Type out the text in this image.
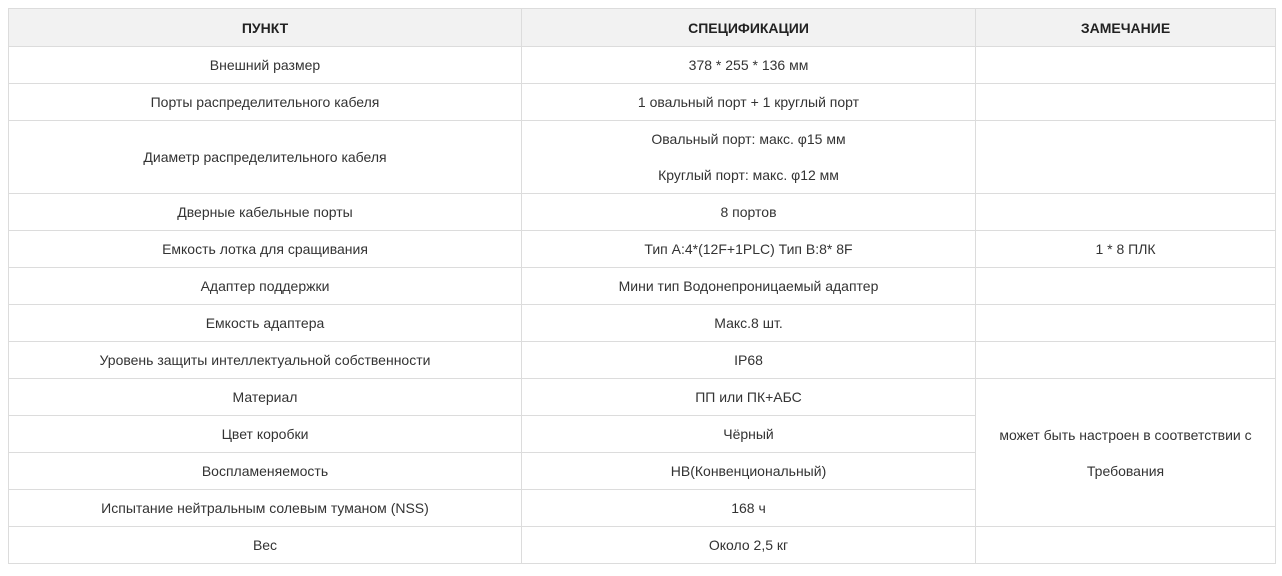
ПУНКТ	СПЕЦИФИКАЦИИ	ЗАМЕЧАНИЕ
Внешний размер	378 * 255 * 136 мм	
Порты распределительного кабеля	1 овальный порт + 1 круглый порт	
Диаметр распределительного кабеля	Овальный порт: макс. φ15 мм
Круглый порт: макс. φ12 мм	

Дверные кабельные порты	8 портов	
Емкость лотка для сращивания	Тип A:4*(12F+1PLC) Тип B:8* 8F	1 * 8 ПЛК
Адаптер поддержки	Мини тип Водонепроницаемый адаптер	
Емкость адаптера	Макс.8 шт.	
Уровень защиты интеллектуальной собственности	IP68	
Материал	ПП или ПК+АБС	может быть настроен в соответствии с
Требования

Цвет коробки	Чёрный	
Воспламеняемость	HB(Конвенциональный)	
Испытание нейтральным солевым туманом (NSS)	168 ч	
Вес	Около 2,5 кг	
